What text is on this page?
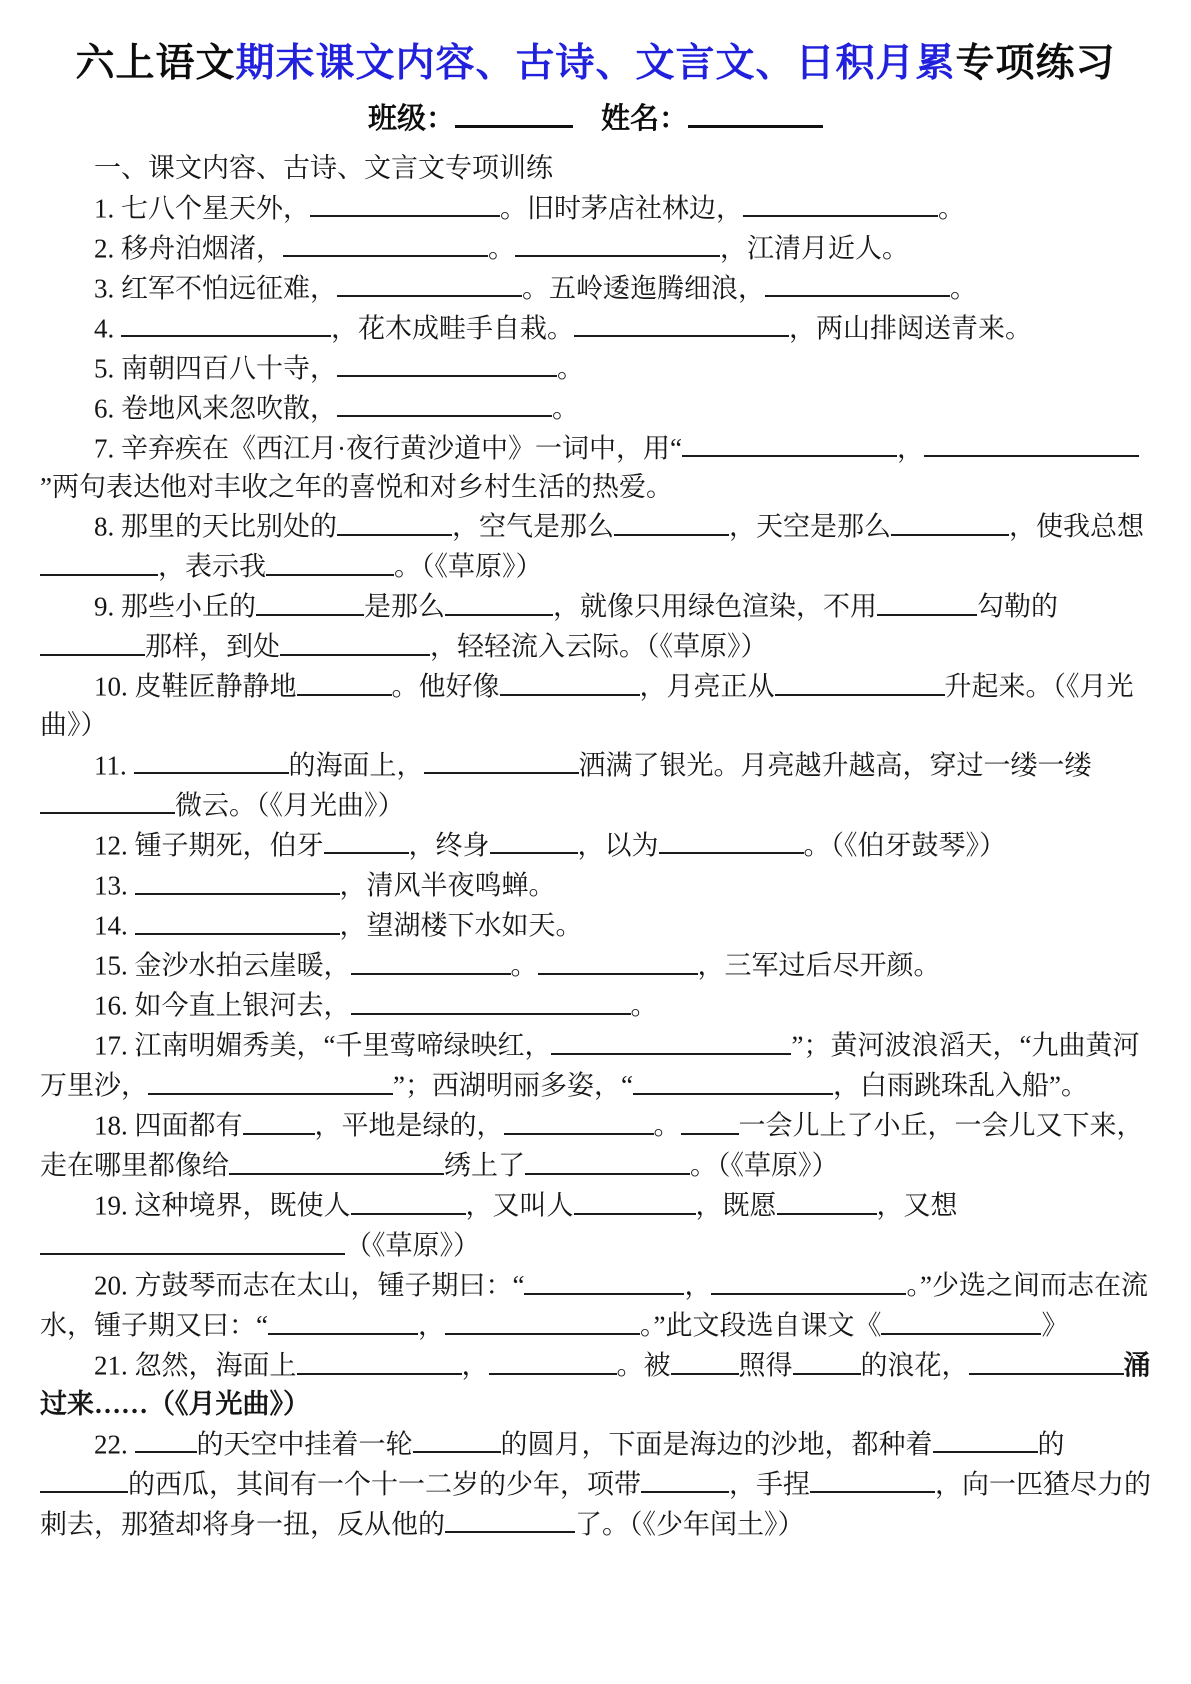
六上语文期末课文内容、古诗、文言文、日积月累专项练习
班级：	姓名：

一、课文内容、古诗、文言文专项训练

1. 七八个星天外，	。旧时茅店社林边，	。

2. 移舟泊烟渚，	。	，江清月近人。

3. 红军不怕远征难，	。五岭逶迤腾细浪，	。

4.	，花木成畦手自栽。	，两山排闼送青来。

5. 南朝四百八十寺，	。

6. 卷地风来忽吹散，	。

7. 辛弃疾在《西江月·夜行黄沙道中》一词中，用“	，”两句表达他对丰收之年的喜悦和对乡村生活的热爱。

8. 那里的天比别处的	，空气是那么	，天空是那么	，使我总想，表示我	。（《草原》）

9. 那些小丘的	是那么	，就像只用绿色渲染，不用	勾勒的那样，到处	，轻轻流入云际。（《草原》）

10. 皮鞋匠静静地	。他好像	，月亮正从	升起来。（《月光曲》）

11.	的海面上，	洒满了银光。月亮越升越高，穿过一缕一缕微云。（《月光曲》）

12. 锺子期死，伯牙	，终身	，以为	。（《伯牙鼓琴》）

13.	，清风半夜鸣蝉。

14.	，望湖楼下水如天。

15. 金沙水拍云崖暖，	。	，三军过后尽开颜。

16. 如今直上银河去，	。

17. 江南明媚秀美，“千里莺啼绿映红，	”；黄河波浪滔天，“九曲黄河万里沙，	”；西湖明丽多姿，“	，白雨跳珠乱入船”。

18. 四面都有	，平地是绿的，	。 一会儿上了小丘，一会儿又下来，走在哪里都像给	绣上了	。（《草原》）

19. 这种境界，既使人	，又叫人	，既愿	，又想（《草原》）

20. 方鼓琴而志在太山，锺子期曰：“	，	。”少选之间而志在流水，锺子期又曰：“	，	。”此文段选自课文《	》

21. 忽然，海面上	，	。被	照得	的浪花，	涌过来……（《月光曲》）

22. 的天空中挂着一轮	的圆月，下面是海边的沙地，都种着	的的西瓜，其间有一个十一二岁的少年，项带	，手捏	，向一匹猹尽力的刺去，那猹却将身一扭，反从他的	了。（《少年闰土》）
